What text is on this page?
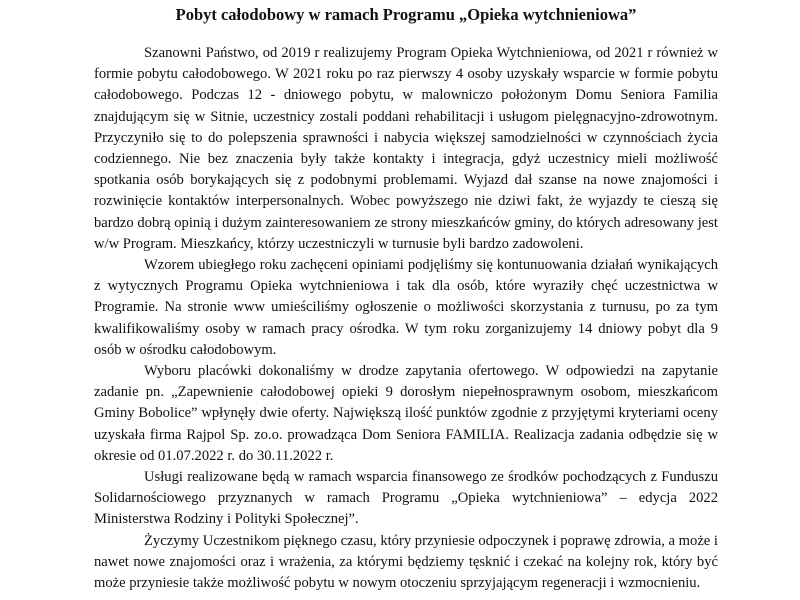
Pobyt całodobowy w ramach Programu „Opieka wytchnieniowa”

Szanowni Państwo, od 2019 r realizujemy Program Opieka Wytchnieniowa, od 2021 r również w formie pobytu całodobowego. W 2021 roku po raz pierwszy 4 osoby uzyskały wsparcie w formie pobytu całodobowego. Podczas 12 - dniowego pobytu, w malowniczo położonym Domu Seniora Familia znajdującym się w Sitnie, uczestnicy zostali poddani rehabilitacji i usługom pielęgnacyjno-zdrowotnym. Przyczyniło się to do polepszenia sprawności i nabycia większej samodzielności w czynnościach życia codziennego. Nie bez znaczenia były także kontakty i integracja, gdyż uczestnicy mieli możliwość spotkania osób borykających się z podobnymi problemami. Wyjazd dał szanse na nowe znajomości i rozwinięcie kontaktów interpersonalnych. Wobec powyższego nie dziwi fakt, że wyjazdy te cieszą się bardzo dobrą opinią i dużym zainteresowaniem ze strony mieszkańców gminy, do których adresowany jest w/w Program. Mieszkańcy, którzy uczestniczyli w turnusie byli bardzo zadowoleni.

Wzorem ubiegłego roku zachęceni opiniami podjęliśmy się kontunuowania działań wynikających z wytycznych Programu Opieka wytchnieniowa i tak dla osób, które wyraziły chęć uczestnictwa w Programie. Na stronie www umieściliśmy ogłoszenie o możliwości skorzystania z turnusu, po za tym kwalifikowaliśmy osoby w ramach pracy ośrodka. W tym roku zorganizujemy 14 dniowy pobyt dla 9 osób w ośrodku całodobowym.

Wyboru placówki dokonaliśmy w drodze zapytania ofertowego. W odpowiedzi na zapytanie zadanie pn. „Zapewnienie całodobowej opieki 9 dorosłym niepełnosprawnym osobom, mieszkańcom Gminy Bobolice” wpłynęły dwie oferty. Największą ilość punktów zgodnie z przyjętymi kryteriami oceny uzyskała firma Rajpol Sp. zo.o. prowadząca Dom Seniora FAMILIA. Realizacja zadania odbędzie się w okresie od 01.07.2022 r. do 30.11.2022 r.

Usługi realizowane będą w ramach wsparcia finansowego ze środków pochodzących z Funduszu Solidarnościowego przyznanych w ramach Programu „Opieka wytchnieniowa” – edycja 2022 Ministerstwa Rodziny i Polityki Społecznej”.

Życzymy Uczestnikom pięknego czasu, który przyniesie odpoczynek i poprawę zdrowia, a może i nawet nowe znajomości oraz i wrażenia, za którymi będziemy tęsknić i czekać na kolejny rok, który być może przyniesie także możliwość pobytu w nowym otoczeniu sprzyjającym regeneracji i wzmocnieniu.
